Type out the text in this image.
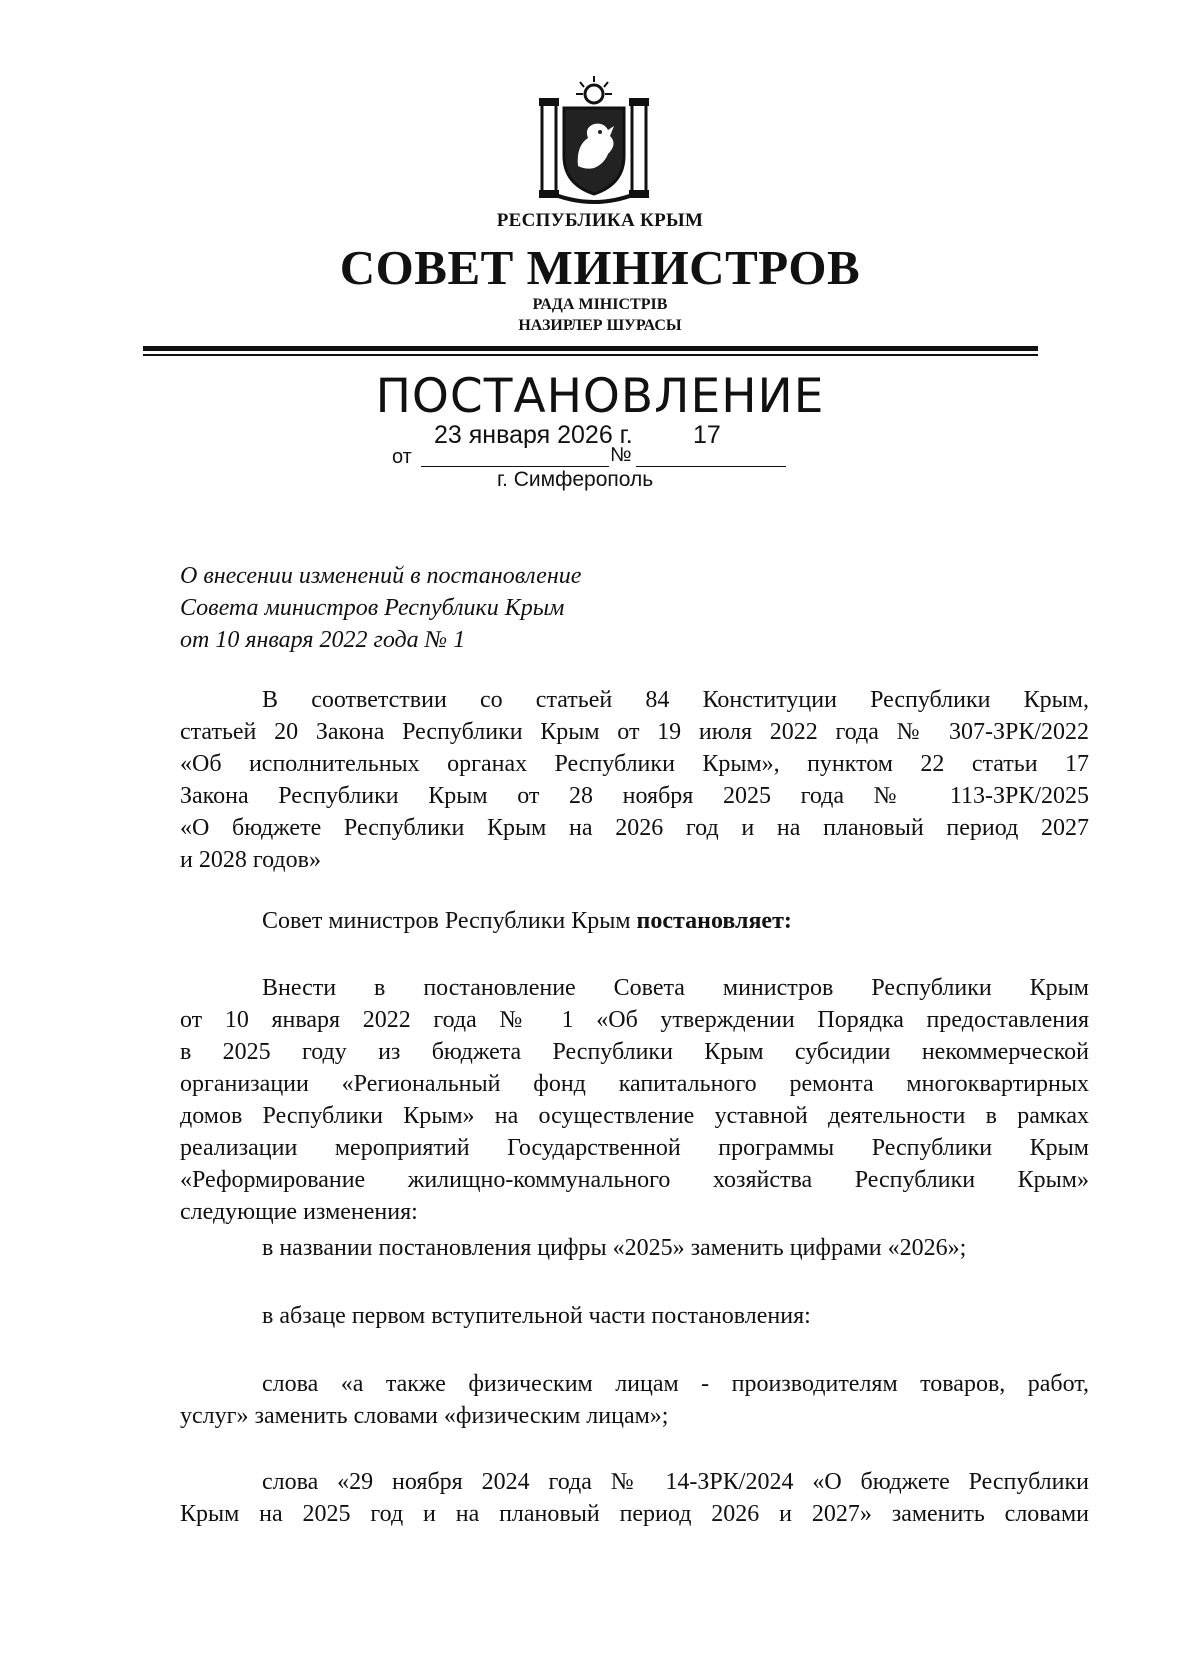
РЕСПУБЛИКА КРЫМ
СОВЕТ МИНИСТРОВ
РАДА МІНІСТРІВ
НАЗИРЛЕР ШУРАСЫ
ПОСТАНОВЛЕНИЕ
23 января 2026 г. 17
от	№
г. Симферополь
О внесении изменений в постановление
Совета министров Республики Крым
от 10 января 2022 года № 1
В соответствии со статьей 84 Конституции Республики Крым,
статьей 20 Закона Республики Крым от 19 июля 2022 года № 307-ЗРК/2022
«Об исполнительных органах Республики Крым», пунктом 22 статьи 17
Закона Республики Крым от 28 ноября 2025 года № 113-ЗРК/2025
«О бюджете Республики Крым на 2026 год и на плановый период 2027
и 2028 годов»
Совет министров Республики Крым постановляет:
Внести в постановление Совета министров Республики Крым
от 10 января 2022 года № 1 «Об утверждении Порядка предоставления
в 2025 году из бюджета Республики Крым субсидии некоммерческой
организации «Региональный фонд капитального ремонта многоквартирных
домов Республики Крым» на осуществление уставной деятельности в рамках
реализации мероприятий Государственной программы Республики Крым
«Реформирование жилищно-коммунального хозяйства Республики Крым»
следующие изменения:
в названии постановления цифры «2025» заменить цифрами «2026»;
в абзаце первом вступительной части постановления:
слова «а также физическим лицам - производителям товаров, работ,
услуг» заменить словами «физическим лицам»;
слова «29 ноября 2024 года № 14-ЗРК/2024 «О бюджете Республики
Крым на 2025 год и на плановый период 2026 и 2027» заменить словами
